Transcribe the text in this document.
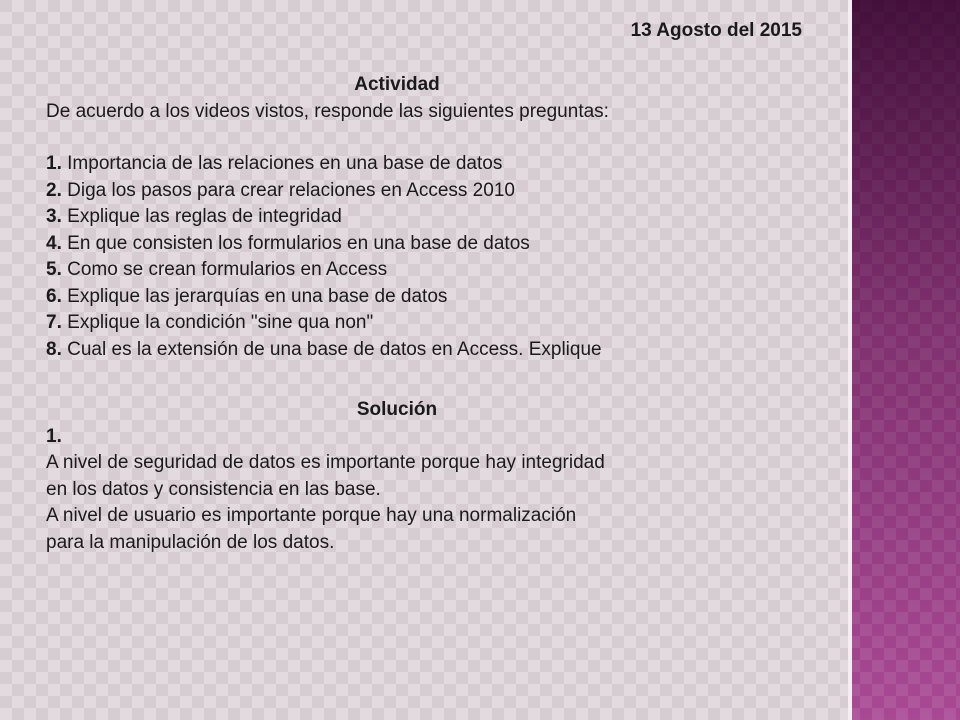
13 Agosto del 2015
Actividad

De acuerdo a los videos vistos, responde las siguientes preguntas:

1. Importancia de las relaciones en una base de datos
2. Diga los pasos para crear relaciones en Access 2010
3. Explique las reglas de integridad
4. En que consisten los formularios en una base de datos
5. Como se crean formularios en Access
6. Explique las jerarquías en una base de datos
7. Explique la condición "sine qua non"
8. Cual es la extensión de una base de datos en Access. Explique
Solución
1.

A nivel de seguridad de datos es importante porque hay integridad

en los datos y consistencia en las base.

A nivel de usuario es importante porque hay una normalización

para la manipulación de los datos.
